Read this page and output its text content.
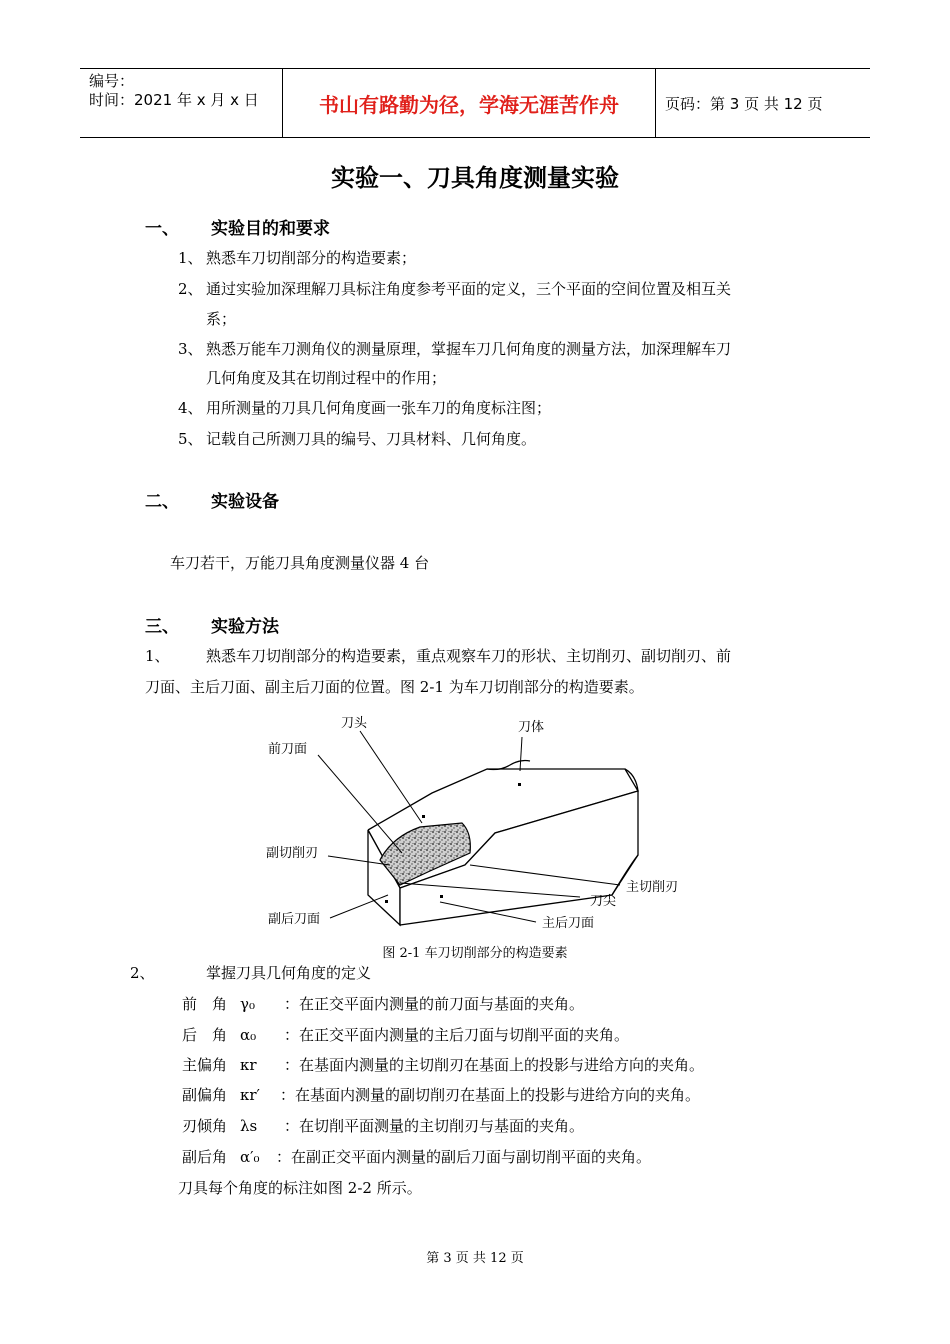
编号：
时间：2021 年 x 月 x 日	书山有路勤为径，学海无涯苦作舟	页码：第 3 页 共 12 页
实验一、刀具角度测量实验
一、 实验目的和要求
1、 熟悉车刀切削部分的构造要素；
2、 通过实验加深理解刀具标注角度参考平面的定义，三个平面的空间位置及相互关
系；
3、 熟悉万能车刀测角仪的测量原理，掌握车刀几何角度的测量方法，加深理解车刀
几何角度及其在切削过程中的作用；
4、 用所测量的刀具几何角度画一张车刀的角度标注图；
5、 记载自己所测刀具的编号、刀具材料、几何角度。
二、 实验设备
车刀若干，万能刀具角度测量仪器 4 台
三、 实验方法
1、 熟悉车刀切削部分的构造要素，重点观察车刀的形状、主切削刃、副切削刃、前
刀面、主后刀面、副主后刀面的位置。图 2-1 为车刀切削部分的构造要素。
刀头	刀体
前刀面
副切削刃
主切削刃
刀尖
副后刀面	主后刀面
图 2-1 车刀切削部分的构造要素
2、	掌握刀具几何角度的定义
前　角 γ₀ ：在正交平面内测量的前刀面与基面的夹角。
后　角 α₀ ：在正交平面内测量的主后刀面与切削平面的夹角。
主偏角 κr ：在基面内测量的主切削刃在基面上的投影与进给方向的夹角。
副偏角 κr′ ：在基面内测量的副切削刃在基面上的投影与进给方向的夹角。
刃倾角 λs ：在切削平面测量的主切削刃与基面的夹角。
副后角 α′₀ ：在副正交平面内测量的副后刀面与副切削平面的夹角。
刀具每个角度的标注如图 2-2 所示。
第 3 页 共 12 页
